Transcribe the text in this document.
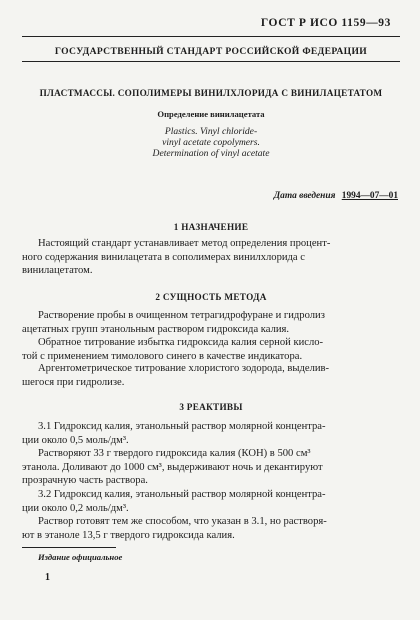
ГОСТ Р ИСО 1159—93
ГОСУДАРСТВЕННЫЙ СТАНДАРТ РОССИЙСКОЙ ФЕДЕРАЦИИ
ПЛАСТМАССЫ. СОПОЛИМЕРЫ ВИНИЛХЛОРИДА С ВИНИЛАЦЕТАТОМ
Определение винилацетата
Plastics. Vinyl chloride-
vinyl acetate copolymers.
Determination of vinyl acetate
Дата введения 1994—07—01
1 НАЗНАЧЕНИЕ
Настоящий стандарт устанавливает метод определения процент-
ного содержания винилацетата в сополимерах винилхлорида с
винилацетатом.
2 СУЩНОСТЬ МЕТОДА
Растворение пробы в очищенном тетрагидрофуране и гидролиз
ацетатных групп этанольным раствором гидроксида калия.
Обратное титрование избытка гидроксида калия серной кисло-
той с применением тимолового синего в качестве индикатора.
Аргентометрическое титрование хлористого зодорода, выделив-
шегося при гидролизе.
3 РЕАКТИВЫ
3.1 Гидроксид калия, этанольный раствор молярной концентра-
ции около 0,5 моль/дм³.
Растворяют 33 г твердого гидроксида калия (КОН) в 500 см³
этанола. Доливают до 1000 см³, выдерживают ночь и декантируют
прозрачную часть раствора.
3.2 Гидроксид калия, этанольный раствор молярной концентра-
ции около 0,2 моль/дм³.
Раствор готовят тем же способом, что указан в 3.1, но растворя-
ют в этаноле 13,5 г твердого гидроксида калия.
Издание официальное
1
